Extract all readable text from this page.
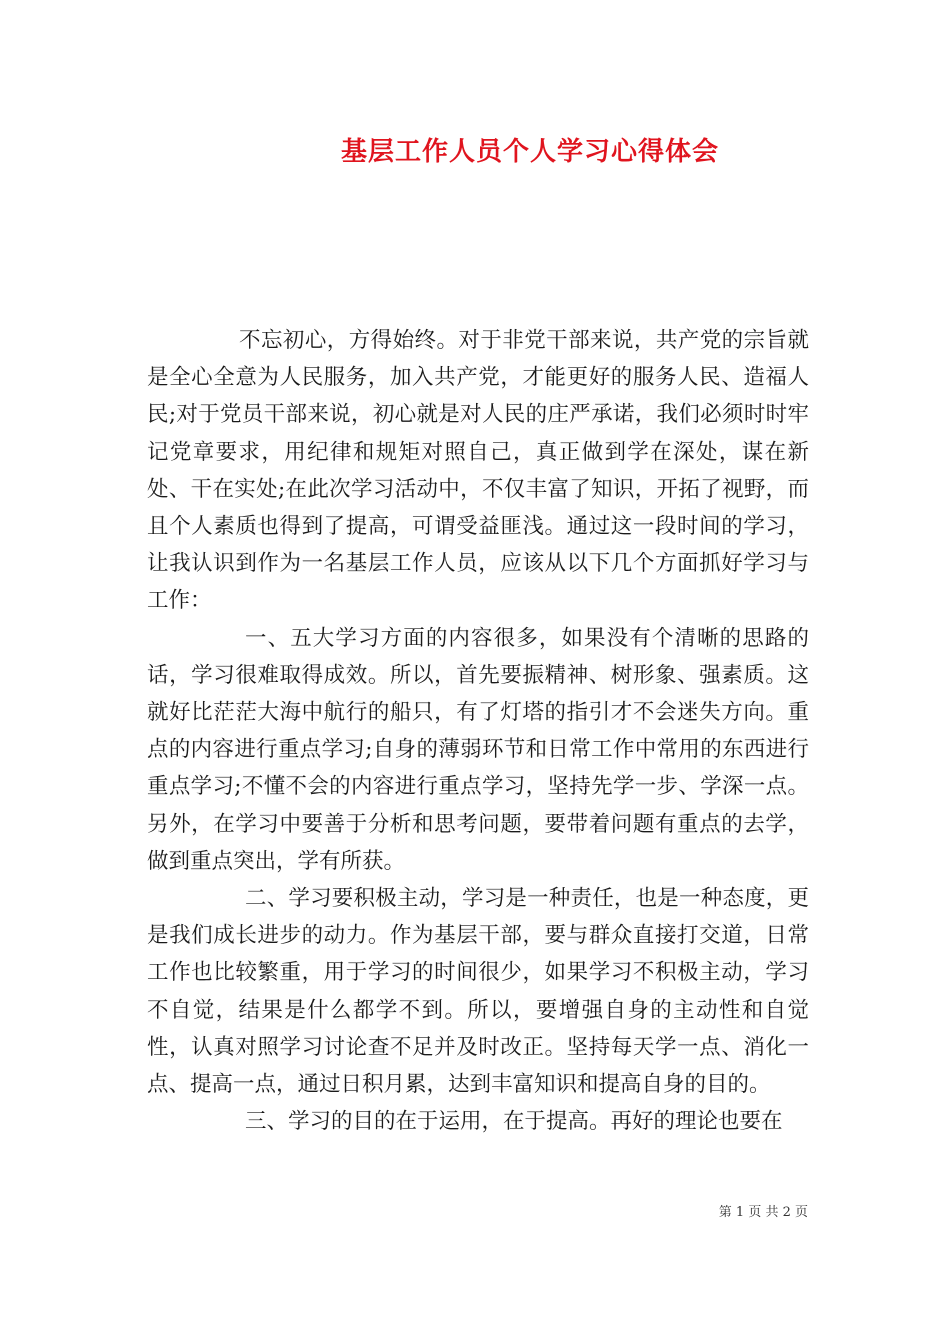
基层工作人员个人学习心得体会

不忘初心，方得始终。对于非党干部来说，共产党的宗旨就是全心全意为人民服务，加入共产党，才能更好的服务人民、造福人民;对于党员干部来说，初心就是对人民的庄严承诺，我们必须时时牢记党章要求，用纪律和规矩对照自己，真正做到学在深处，谋在新处、干在实处;在此次学习活动中，不仅丰富了知识，开拓了视野，而且个人素质也得到了提高，可谓受益匪浅。通过这一段时间的学习，让我认识到作为一名基层工作人员，应该从以下几个方面抓好学习与工作：

一、五大学习方面的内容很多，如果没有个清晰的思路的话，学习很难取得成效。所以，首先要振精神、树形象、强素质。这就好比茫茫大海中航行的船只，有了灯塔的指引才不会迷失方向。重点的内容进行重点学习;自身的薄弱环节和日常工作中常用的东西进行重点学习;不懂不会的内容进行重点学习，坚持先学一步、学深一点。另外，在学习中要善于分析和思考问题，要带着问题有重点的去学，做到重点突出，学有所获。

二、学习要积极主动，学习是一种责任，也是一种态度，更是我们成长进步的动力。作为基层干部，要与群众直接打交道，日常工作也比较繁重，用于学习的时间很少，如果学习不积极主动，学习不自觉，结果是什么都学不到。所以，要增强自身的主动性和自觉性，认真对照学习讨论查不足并及时改正。坚持每天学一点、消化一点、提高一点，通过日积月累，达到丰富知识和提高自身的目的。

三、学习的目的在于运用，在于提高。再好的理论也要在

第 1 页 共 2 页
